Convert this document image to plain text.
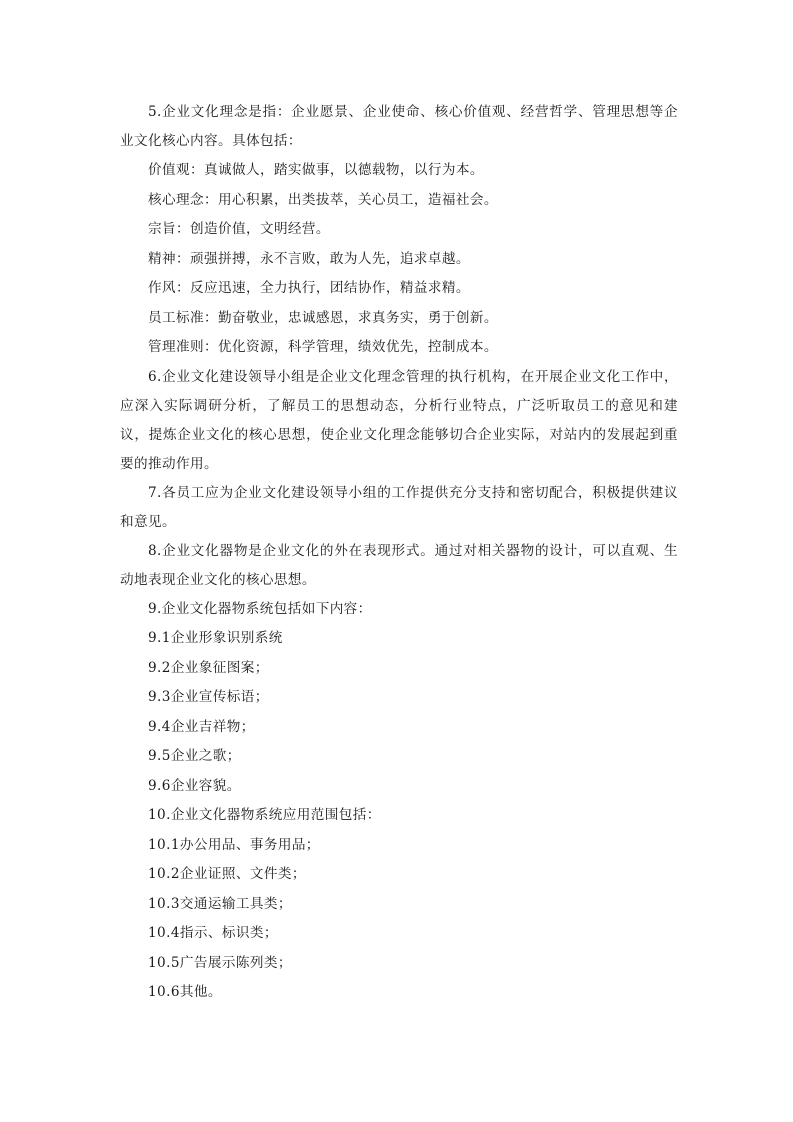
5.企业文化理念是指：企业愿景、企业使命、核心价值观、经营哲学、管理思想等企业文化核心内容。具体包括：

价值观：真诚做人，踏实做事，以德载物，以行为本。

核心理念：用心积累，出类拔萃，关心员工，造福社会。

宗旨：创造价值，文明经营。

精神：顽强拼搏，永不言败，敢为人先，追求卓越。

作风：反应迅速，全力执行，团结协作，精益求精。

员工标准：勤奋敬业，忠诚感恩，求真务实，勇于创新。

管理准则：优化资源，科学管理，绩效优先，控制成本。

6.企业文化建设领导小组是企业文化理念管理的执行机构，在开展企业文化工作中，应深入实际调研分析，了解员工的思想动态，分析行业特点，广泛听取员工的意见和建议，提炼企业文化的核心思想，使企业文化理念能够切合企业实际，对站内的发展起到重要的推动作用。

7.各员工应为企业文化建设领导小组的工作提供充分支持和密切配合，积极提供建议和意见。

8.企业文化器物是企业文化的外在表现形式。通过对相关器物的设计，可以直观、生动地表现企业文化的核心思想。

9.企业文化器物系统包括如下内容：

9.1企业形象识别系统

9.2企业象征图案；

9.3企业宣传标语；

9.4企业吉祥物；

9.5企业之歌；

9.6企业容貌。

10.企业文化器物系统应用范围包括：

10.1办公用品、事务用品；

10.2企业证照、文件类；

10.3交通运输工具类；

10.4指示、标识类；

10.5广告展示陈列类；

10.6其他。
